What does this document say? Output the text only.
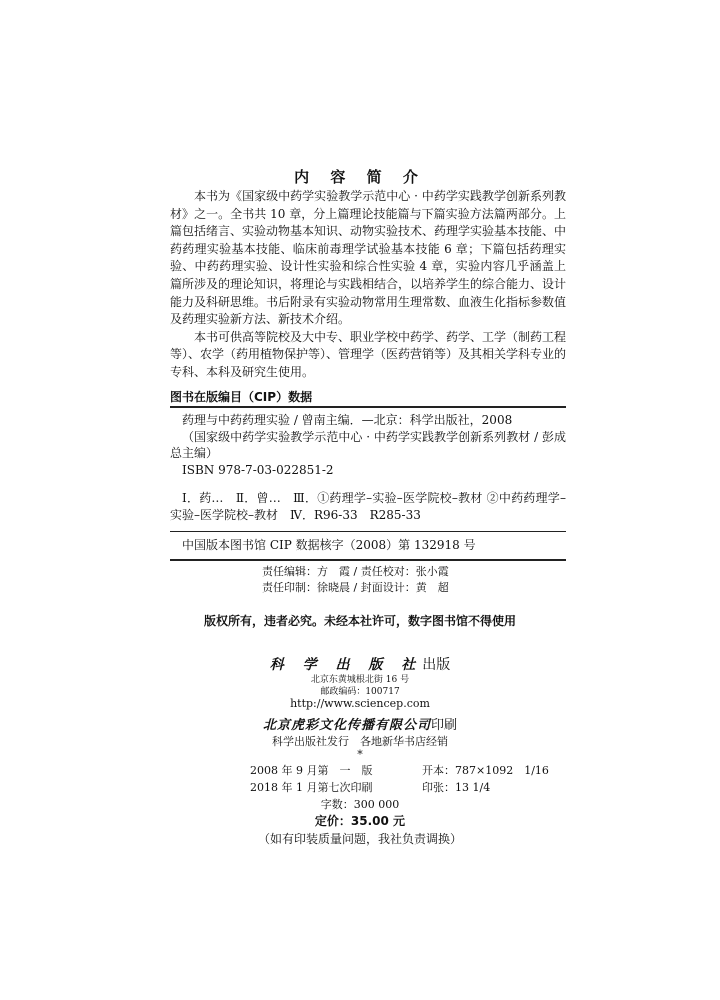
内 容 简 介

本书为《国家级中药学实验教学示范中心 · 中药学实践教学创新系列教材》之一。全书共 10 章，分上篇理论技能篇与下篇实验方法篇两部分。上篇包括绪言、实验动物基本知识、动物实验技术、药理学实验基本技能、中药药理实验基本技能、临床前毒理学试验基本技能 6 章；下篇包括药理实验、中药药理实验、设计性实验和综合性实验 4 章，实验内容几乎涵盖上篇所涉及的理论知识，将理论与实践相结合，以培养学生的综合能力、设计能力及科研思维。书后附录有实验动物常用生理常数、血液生化指标参数值及药理实验新方法、新技术介绍。

本书可供高等院校及大中专、职业学校中药学、药学、工学（制药工程等）、农学（药用植物保护等）、管理学（医药营销等）及其相关学科专业的专科、本科及研究生使用。

图书在版编目（CIP）数据
药理与中药药理实验 / 曾南主编．—北京：科学出版社，2008
（国家级中药学实验教学示范中心 · 中药学实践教学创新系列教材 / 彭成总主编）
ISBN 978-7-03-022851-2
Ⅰ．药…　Ⅱ．曾…　Ⅲ．①药理学–实验–医学院校–教材 ②中药药理学–实验–医学院校–教材　Ⅳ．R96-33　R285-33
中国版本图书馆 CIP 数据核字（2008）第 132918 号
责任编辑：方　霞 / 责任校对：张小霞
责任印制：徐晓晨 / 封面设计：黄　超
版权所有，违者必究。未经本社许可，数字图书馆不得使用
科 学 出 版 社出版
北京东黄城根北街 16 号
邮政编码：100717
http://www.sciencep.com
北京虎彩文化传播有限公司印刷
科学出版社发行　各地新华书店经销
*
2008 年 9 月第　一　版	开本：787×1092　1/16
2018 年 1 月第七次印刷	印张：13 1/4
字数：300 000
定价：35.00 元
（如有印装质量问题，我社负责调换）
